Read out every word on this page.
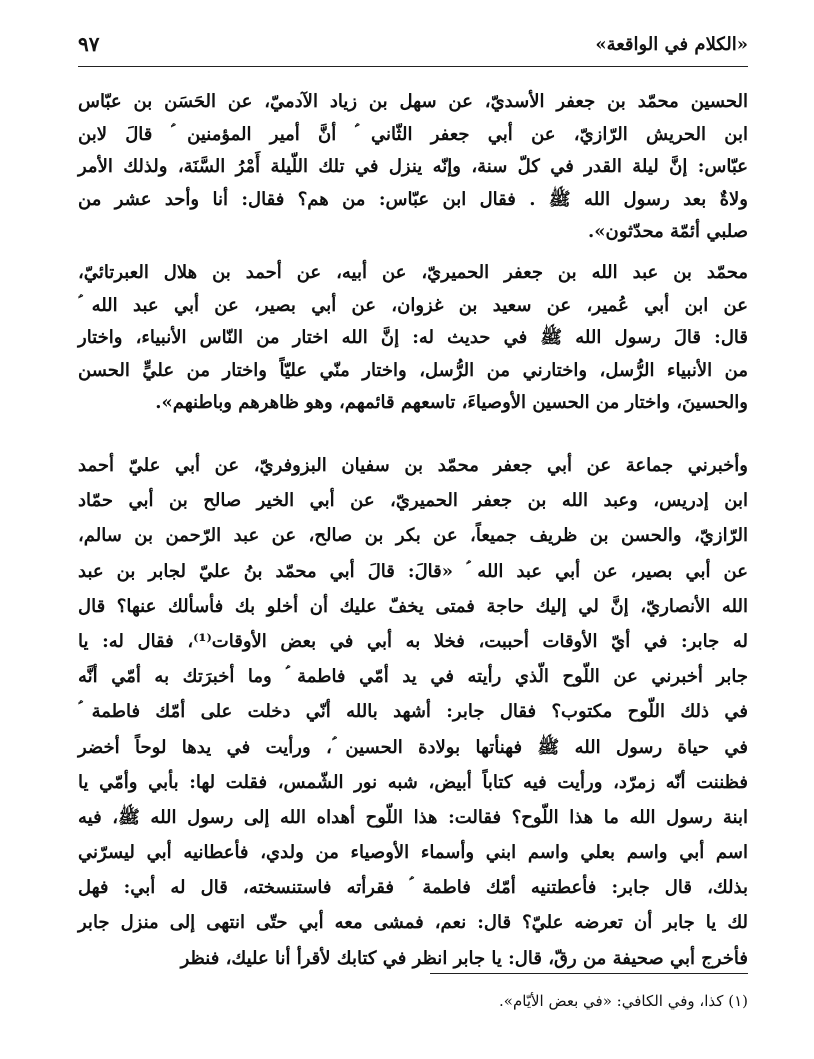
«الكلام في الواقعة»
٩٧
الحسين محمّد بن جعفر الأسديّ، عن سهل بن زياد الآدميّ، عن الحَسَن بن عبّاس
ابن الحريش الرّازيّ، عن أبي جعفر الثّاني ؑ أنَّ أمير المؤمنين ؑ قالَ لابن
عبّاس: إنَّ ليلة القدر في كلّ سنة، وإنّه ينزل في تلك اللّيلة أَمْرُ السَّنَة، ولذلك الأمر
ولاةٌ بعد رسول الله ﷺ . فقال ابن عبّاس: من هم؟ فقال: أنا وأحد عشر من
صلبي أئمّة محدّثون».
محمّد بن عبد الله بن جعفر الحميريّ، عن أبيه، عن أحمد بن هلال العبرتائيّ،
عن ابن أبي عُمير، عن سعيد بن غزوان، عن أبي بصير، عن أبي عبد الله ؑ
قال: قالَ رسول الله ﷺ في حديث له: إنَّ الله اختار من النّاس الأنبياء، واختار
من الأنبياء الرُّسل، واختارني من الرُّسل، واختار منّي عليّاً واختار من عليٍّ الحسن
والحسينَ، واختار من الحسين الأوصياءَ، تاسعهم قائمهم، وهو ظاهرهم وباطنهم».
وأخبرني جماعة عن أبي جعفر محمّد بن سفيان البزوفريّ، عن أبي عليّ أحمد
ابن إدريس، وعبد الله بن جعفر الحميريّ، عن أبي الخير صالح بن أبي حمّاد
الرّازيّ، والحسن بن ظريف جميعاً، عن بكر بن صالح، عن عبد الرّحمن بن سالم،
عن أبي بصير، عن أبي عبد الله ؑ «قالَ: قالَ أبي محمّد بنُ عليّ لجابر بن عبد
الله الأنصاريّ، إنَّ لي إليك حاجة فمتى يخفّ عليك أن أخلو بك فأسألك عنها؟ قال
له جابر: في أيّ الأوقات أحببت، فخلا به أبي في بعض الأوقات⁽¹⁾، فقال له: يا
جابر أخبرني عن اللّوح الّذي رأيته في يد أمّي فاطمة ؑ وما أخبرَتك به أمّي أنَّه
في ذلك اللّوح مكتوب؟ فقال جابر: أشهد بالله أنّي دخلت على أمّك فاطمة ؑ
في حياة رسول الله ﷺ فهنأتها بولادة الحسين ؑ، ورأيت في يدها لوحاً أخضر
فظننت أنّه زمرّد، ورأيت فيه كتاباً أبيض، شبه نور الشّمس، فقلت لها: بأبي وأمّي يا
ابنة رسول الله ما هذا اللّوح؟ فقالت: هذا اللّوح أهداه الله إلى رسول الله ﷺ، فيه
اسم أبي واسم بعلي واسم ابني وأسماء الأوصياء من ولدي، فأعطانيه أبي ليسرّني
بذلك، قال جابر: فأعطتنيه أمّك فاطمة ؑ فقرأته فاستنسخته، قال له أبي: فهل
لك يا جابر أن تعرضه عليّ؟ قال: نعم، فمشى معه أبي حتّى انتهى إلى منزل جابر
فأخرج أبي صحيفة من رقّ، قال: يا جابر انظر في كتابك لأقرأ أنا عليك، فنظر
(١) كذا، وفي الكافي: «في بعض الأيّام».
